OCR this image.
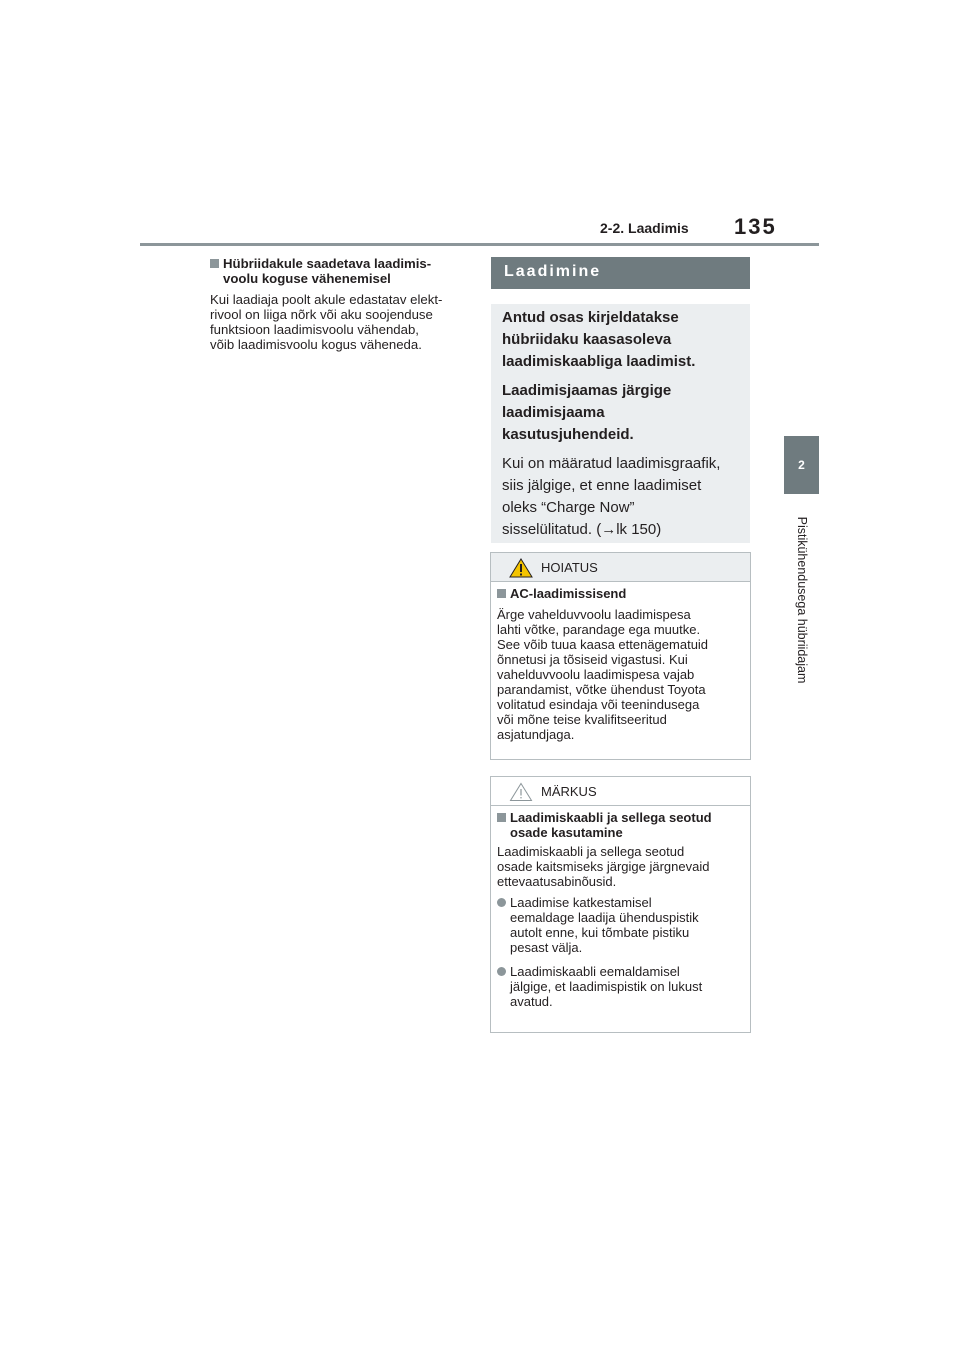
2-2. Laadimis 135
2
Pistikühendusega hübriidajam
Hübriidakule saadetava laadimis-
voolu koguse vähenemisel
Kui laadiaja poolt akule edastatav elekt-
rivool on liiga nõrk või aku soojenduse
funktsioon laadimisvoolu vähendab,
võib laadimisvoolu kogus väheneda.
Laadimine

Antud osas kirjeldatakse
hübriidaku kaasasoleva
laadimiskaabliga laadimist.

Laadimisjaamas järgige
laadimisjaama
kasutusjuhendeid.

Kui on määratud laadimisgraafik,
siis jälgige, et enne laadimiset
oleks “Charge Now”
sisselülitatud. (→lk 150)

HOIATUS
AC-laadimissisend

Ärge vahelduvvoolu laadimispesa
lahti võtke, parandage ega muutke.
See võib tuua kaasa ettenägematuid
õnnetusi ja tõsiseid vigastusi. Kui
vahelduvvoolu laadimispesa vajab
parandamist, võtke ühendust Toyota
volitatud esindaja või teenindusega
või mõne teise kvalifitseeritud
asjatundjaga.

MÄRKUS
Laadimiskaabli ja sellega seotud
osade kasutamine

Laadimiskaabli ja sellega seotud
osade kaitsmiseks järgige järgnevaid
ettevaatusabinõusid.

Laadimise katkestamisel
eemaldage laadija ühenduspistik
autolt enne, kui tõmbate pistiku
pesast välja.
Laadimiskaabli eemaldamisel
jälgige, et laadimispistik on lukust
avatud.
